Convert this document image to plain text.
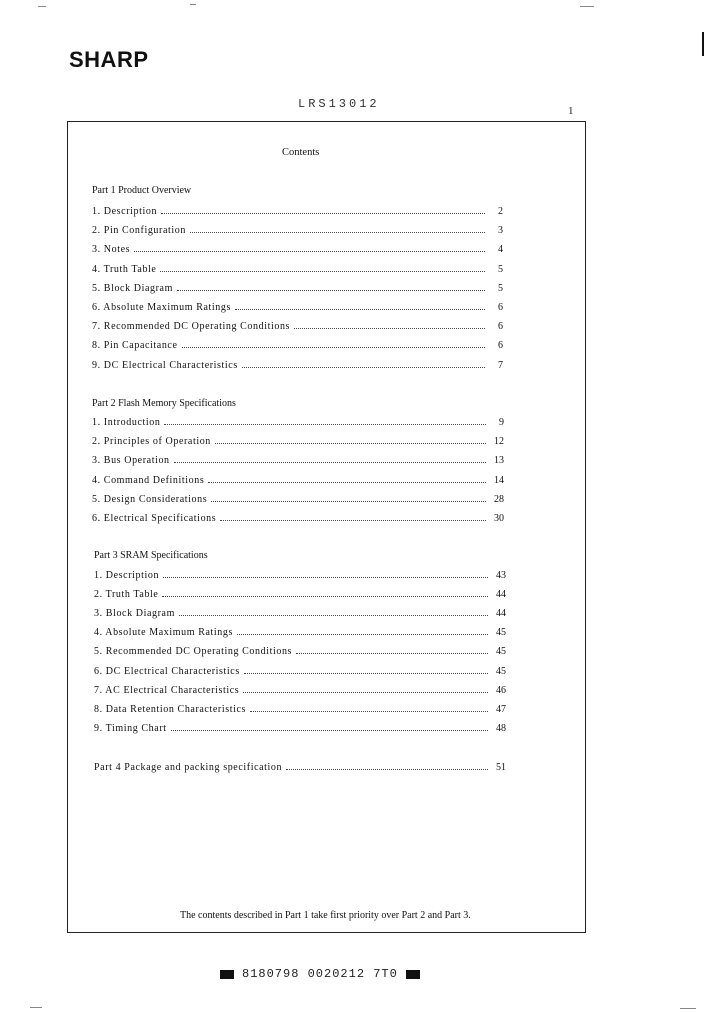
SHARP
LRS13012	1
Contents
Part 1 Product Overview
1. Description	2
2. Pin Configuration	3
3. Notes	4
4. Truth Table	5
5. Block Diagram	5
6. Absolute Maximum Ratings	6
7. Recommended DC Operating Conditions	6
8. Pin Capacitance	6
9. DC Electrical Characteristics	7
Part 2 Flash Memory Specifications
1. Introduction	9
2. Principles of Operation	12
3. Bus Operation	13
4. Command Definitions	14
5. Design Considerations	28
6. Electrical Specifications	30
Part 3 SRAM Specifications
1. Description	43
2. Truth Table	44
3. Block Diagram	44
4. Absolute Maximum Ratings	45
5. Recommended DC Operating Conditions	45
6. DC Electrical Characteristics	45
7. AC Electrical Characteristics	46
8. Data Retention Characteristics	47
9. Timing Chart	48
Part 4 Package and packing specification	51
The contents described in Part 1 take first priority over Part 2 and Part 3.
8180798 0020212 7T0
